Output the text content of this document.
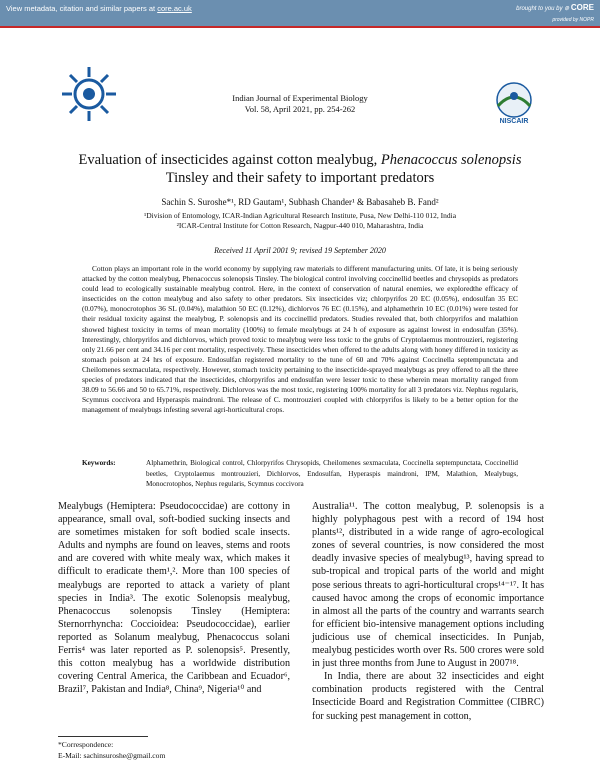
View metadata, citation and similar papers at core.ac.uk	brought to you by ⊛ CORE
provided by NOPR
NISCAIR
Indian Journal of Experimental Biology
Vol. 58, April 2021, pp. 254-262
Evaluation of insecticides against cotton mealybug, Phenacoccus solenopsis
Tinsley and their safety to important predators
Sachin S. Suroshe*¹, RD Gautam¹, Subhash Chander¹ & Babasaheb B. Fand²
¹Division of Entomology, ICAR-Indian Agricultural Research Institute, Pusa, New Delhi-110 012, India
²ICAR-Central Institute for Cotton Research, Nagpur-440 010, Maharashtra, India
Received 11 April 2001 9; revised 19 September 2020
Cotton plays an important role in the world economy by supplying raw materials to different manufacturing units. Of late, it is being seriously attacked by the cotton mealybug, Phenacoccus solenopsis Tinsley. The biological control involving coccinellid beetles and chrysopids as predators could lead to ecologically sustainable mealybug control. Here, in the context of conservation of natural enemies, we exploredthe efficacy of insecticides on the cotton mealybug and also safety to other predators. Six insecticides viz; chlorpyrifos 20 EC (0.05%), endosulfan 35 EC (0.07%), monocrotophos 36 SL (0.04%), malathion 50 EC (0.12%), dichlorvos 76 EC (0.15%), and alphamethrin 10 EC (0.01%) were tested for their residual toxicity against the mealybug, P. solenopsis and its coccinellid predators. Studies revealed that, both chlorpyrifos and malathion showed highest toxicity in terms of mean mortality (100%) to female mealybugs at 24 h of exposure as against lowest in endosulfan (35%). Interestingly, chlorpyrifos and dichlorvos, which proved toxic to mealybug were less toxic to the grubs of Cryptolaemus montrouzieri, registering only 21.66 per cent and 34.16 per cent mortality, respectively. These insecticides when offered to the adults along with honey differed in toxicity as stomach poison at 24 hrs of exposure. Endosulfan registered mortality to the tune of 60 and 70% against Coccinella septempunctata and Cheilomenes sexmaculata, respectively. However, stomach toxicity pertaining to the insecticide-sprayed mealybugs as prey offered to all the three species of predators indicated that the insecticides, chlorpyrifos and endosulfan were lesser toxic to these wherein mean mortality ranged from 38.09 to 56.66 and 50 to 65.71%, respectively. Dichlorvos was the most toxic, registering 100% mortality for all 3 predators viz. Nephus regularis, Scymnus coccivora and Hyperaspis maindroni. The release of C. montrouzieri coupled with chlorpyrifos is likely to be a better option for the management of mealybugs infesting several agri-horticultural crops.
Keywords:	Alphamethrin, Biological control, Chlorpyrifos Chrysopids, Cheilomenes sexmaculata, Coccinella septempunctata, Coccinellid beetles, Cryptolaemus montrouzieri, Dichlorvos, Endosulfan, Hyperaspis maindroni, IPM, Malathion, Mealybugs, Monocrotophos, Nephus regularis, Scymnus coccivora

Mealybugs (Hemiptera: Pseudococcidae) are cottony in appearance, small oval, soft-bodied sucking insects and are sometimes mistaken for soft bodied scale insects. Adults and nymphs are found on leaves, stems and roots and are covered with white mealy wax, which makes it difficult to eradicate them¹,². More than 100 species of mealybugs are reported to attack a variety of plant species in India³. The exotic Solenopsis mealybug, Phenacoccus solenopsis Tinsley (Hemiptera: Sternorrhyncha: Coccioidea: Pseudococcidae), earlier reported as Solanum mealybug, Phenacoccus solani Ferris⁴ was later reported as P. solenopsis⁵. Presently, this cotton mealybug has a worldwide distribution covering Central America, the Caribbean and Ecuador⁶, Brazil⁷, Pakistan and India⁸, China⁹, Nigeria¹⁰ and

Australia¹¹. The cotton mealybug, P. solenopsis is a highly polyphagous pest with a record of 194 host plants¹², distributed in a wide range of agro-ecological zones of several countries, is now considered the most deadly invasive species of mealybug¹³, having spread to sub-tropical and tropical parts of the world and might pose serious threats to agri-horticultural crops¹⁴⁻¹⁷. It has caused havoc among the crops of economic importance in almost all the parts of the country and warrants search for efficient bio-intensive management options including judicious use of chemical insecticides. In Punjab, mealybug pesticides worth over Rs. 500 crores were sold in just three months from June to August in 2007¹⁸.

In India, there are about 32 insecticides and eight combination products registered with the Central Insecticide Board and Registration Committee (CIBRC) for sucking pest management in cotton,

*Correspondence:
E-Mail: sachinsuroshe@gmail.com
